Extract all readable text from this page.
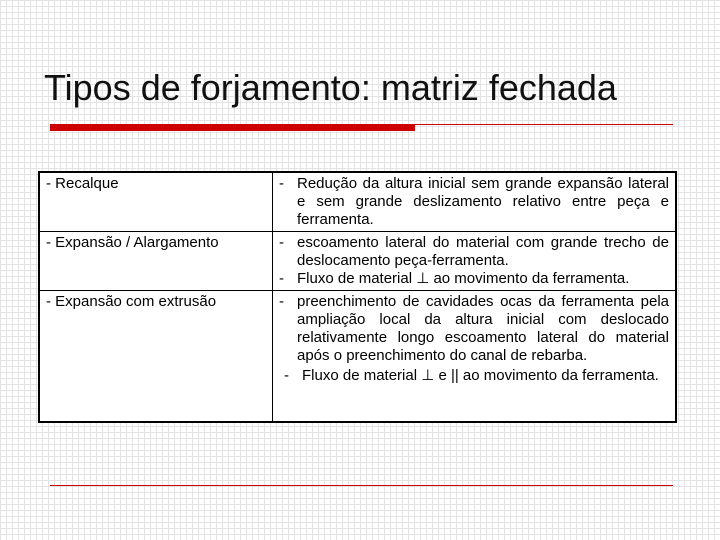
Tipos de forjamento: matriz fechada
- Recalque	- Redução da altura inicial sem grande expansão lateral e sem grande deslizamento relativo entre peça e ferramenta.

- Expansão / Alargamento	- escoamento lateral do material com grande trecho de deslocamento peça-ferramenta.
- Fluxo de material ⊥ ao movimento da ferramenta.

- Expansão com extrusão	- preenchimento de cavidades ocas da ferramenta pela ampliação local da altura inicial com deslocado relativamente longo escoamento lateral do material após o preenchimento do canal de rebarba.
- Fluxo de material ⊥ e || ao movimento da ferramenta.
